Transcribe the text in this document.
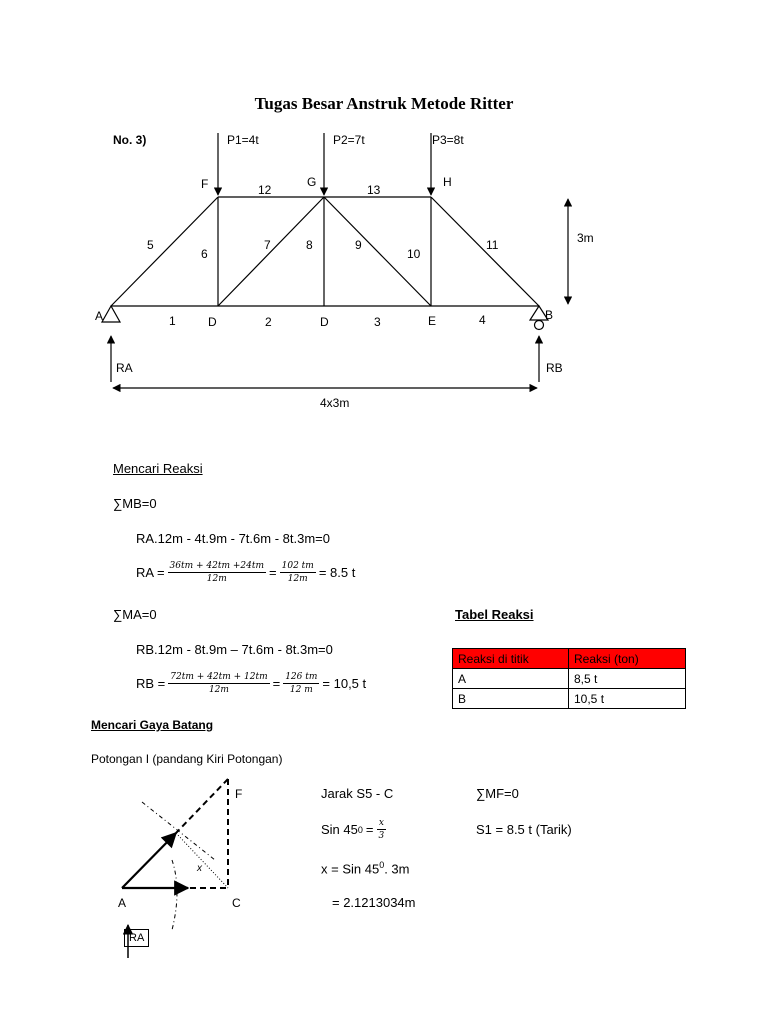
Tugas Besar Anstruk Metode Ritter
No. 3)	P1=4t	P2=7t	P3=8t
F	G	H
A	D	D	E	B
1	2	3	4
5
6
7	8	9
10
11
12	13
3m
4x3m
RA	RB
Mencari Reaksi
∑MB=0
RA.12m - 4t.9m - 7t.6m - 8t.3m=0
RA = $\frac{36tm + 42tm +24tm}{12m} = \frac{102 tm}{12m} = 8.5$ t
∑MA=0
RB.12m - 8t.9m – 7t.6m - 8t.3m=0
RB = $\frac{72tm + 42tm + 12tm}{12m} = \frac{126 tm}{12 m} = 10,5$ t
Tabel Reaksi
Reaksi di titik	Reaksi (ton)
A	8,5 t
B	10,5 t
Mencari Gaya Batang
Potongan I (pandang Kiri Potongan)
F
A	C
x
RA
Jarak S5 - C
Sin 45 $0 = \frac{x}{3}$
x = Sin $45^0$. 3m
= 2.1213034m
∑MF=0
S1 = 8.5 t (Tarik)
